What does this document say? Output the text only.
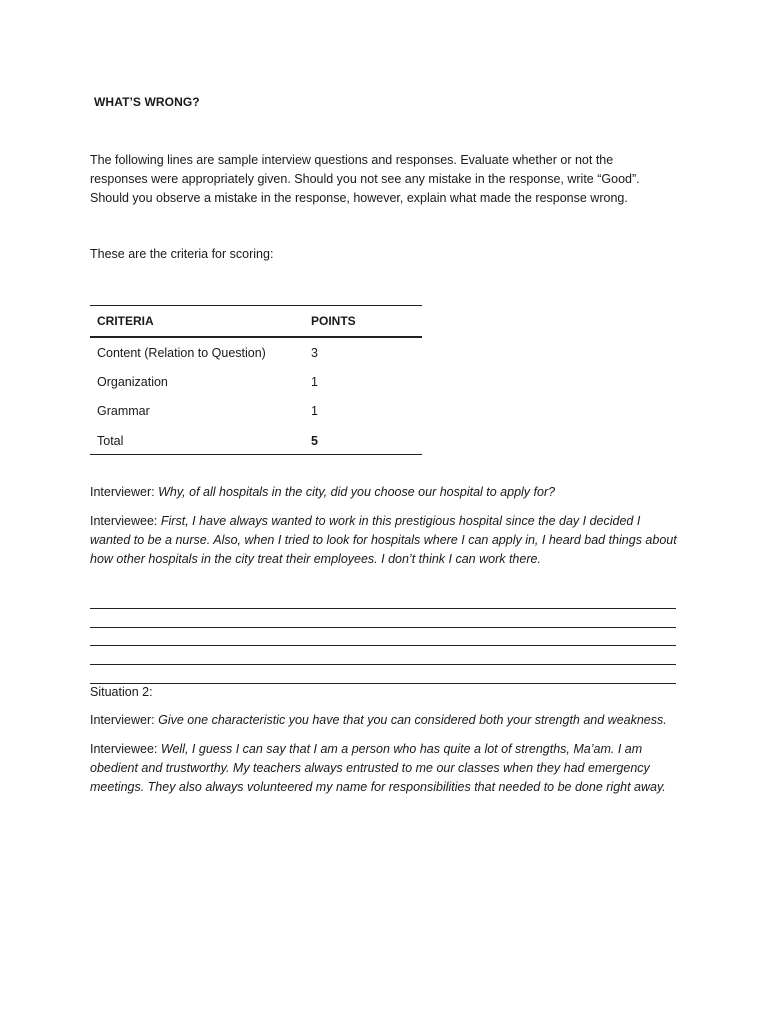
WHAT’S WRONG?
The following lines are sample interview questions and responses. Evaluate whether or not the responses were appropriately given. Should you not see any mistake in the response, write “Good”. Should you observe a mistake in the response, however, explain what made the response wrong.
These are the criteria for scoring:
CRITERIA	POINTS
Content (Relation to Question)	3
Organization	1
Grammar	1
Total	5
Interviewer: Why, of all hospitals in the city, did you choose our hospital to apply for?
Interviewee: First, I have always wanted to work in this prestigious hospital since the day I decided I wanted to be a nurse. Also, when I tried to look for hospitals where I can apply in, I heard bad things about how other hospitals in the city treat their employees. I don’t think I can work there.
Situation 2:
Interviewer: Give one characteristic you have that you can considered both your strength and weakness.
Interviewee: Well, I guess I can say that I am a person who has quite a lot of strengths, Ma’am. I am obedient and trustworthy. My teachers always entrusted to me our classes when they had emergency meetings. They also always volunteered my name for responsibilities that needed to be done right away.
